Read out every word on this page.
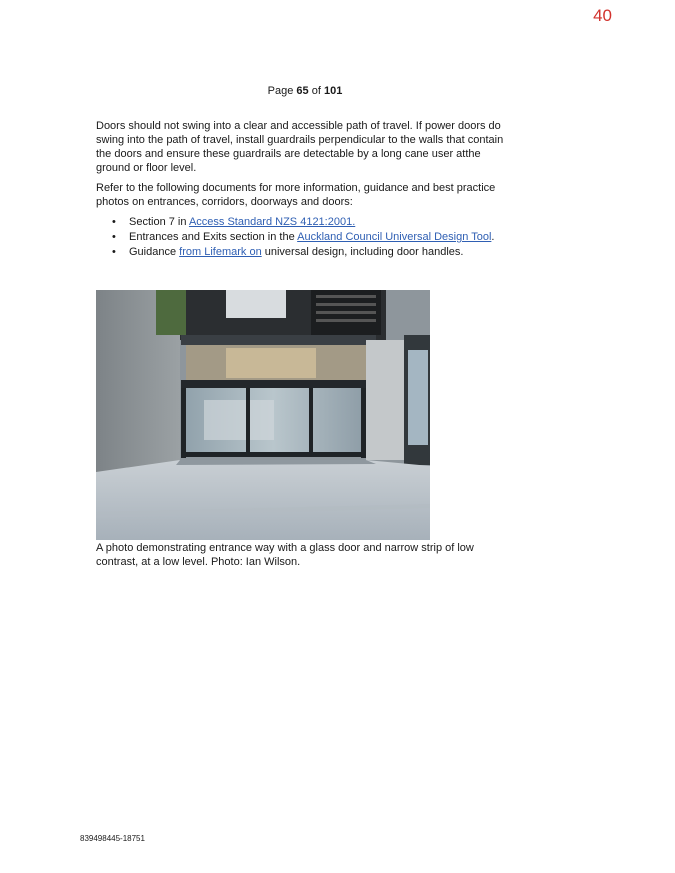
40
Page 65 of 101

Doors should not swing into a clear and accessible path of travel. If power doors do swing into the path of travel, install guardrails perpendicular to the walls that contain the doors and ensure these guardrails are detectable by a long cane user atthe ground or floor level.

Refer to the following documents for more information, guidance and best practice photos on entrances, corridors, doorways and doors:

• Section 7 in Access Standard NZS 4121:2001.
• Entrances and Exits section in the Auckland Council Universal Design Tool.
• Guidance from Lifemark on universal design, including door handles.
A photo demonstrating entrance way with a glass door and narrow strip of low contrast, at a low level. Photo: Ian Wilson.
839498445-18751
